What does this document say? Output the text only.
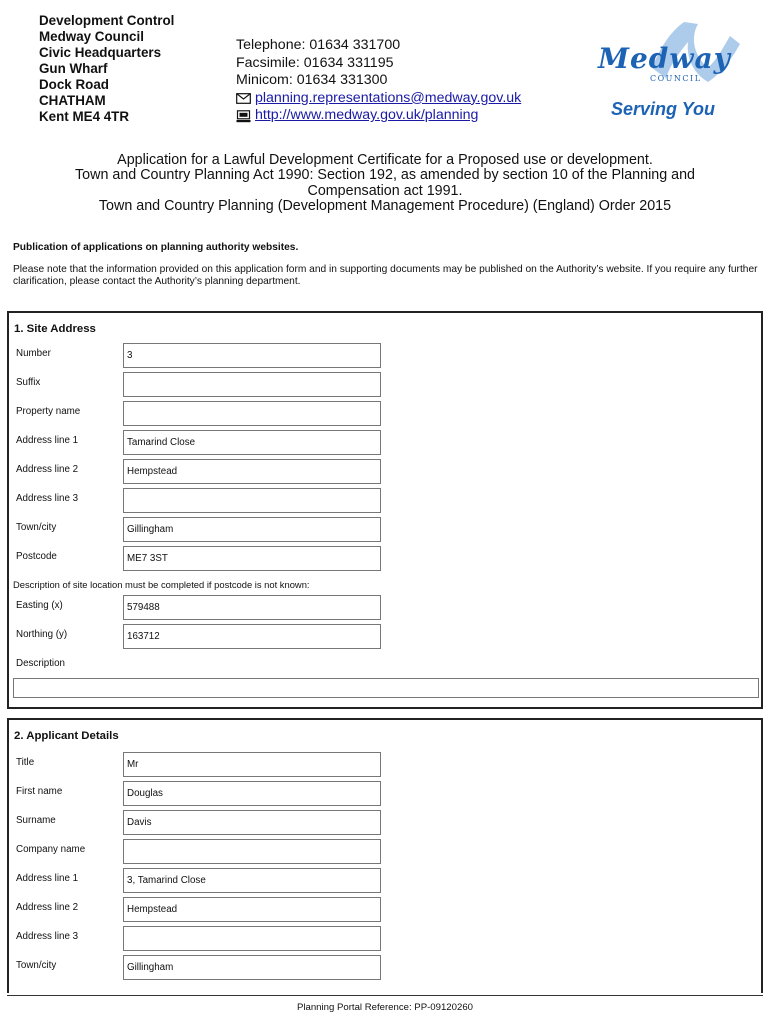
Development Control
Medway Council
Civic Headquarters
Gun Wharf
Dock Road
CHATHAM
Kent ME4 4TR
Telephone: 01634 331700
Facsimile: 01634 331195
Minicom: 01634 331300
planning.representations@medway.gov.uk
http://www.medway.gov.uk/planning
Medway
COUNCIL
Serving You
Application for a Lawful Development Certificate for a Proposed use or development.
Town and Country Planning Act 1990: Section 192, as amended by section 10 of the Planning and
Compensation act 1991.
Town and Country Planning (Development Management Procedure) (England) Order 2015
Publication of applications on planning authority websites.
Please note that the information provided on this application form and in supporting documents may be published on the Authority’s website. If you require any further clarification, please contact the Authority’s planning department.
1. Site Address
Number	3
Suffix
Property name
Address line 1	Tamarind Close
Address line 2	Hempstead
Address line 3
Town/city	Gillingham
Postcode	ME7 3ST
Description of site location must be completed if postcode is not known:
Easting (x)	579488
Northing (y)	163712
Description
2. Applicant Details
Title	Mr
First name	Douglas
Surname	Davis
Company name
Address line 1	3, Tamarind Close
Address line 2	Hempstead
Address line 3
Town/city	Gillingham
Planning Portal Reference: PP-09120260
